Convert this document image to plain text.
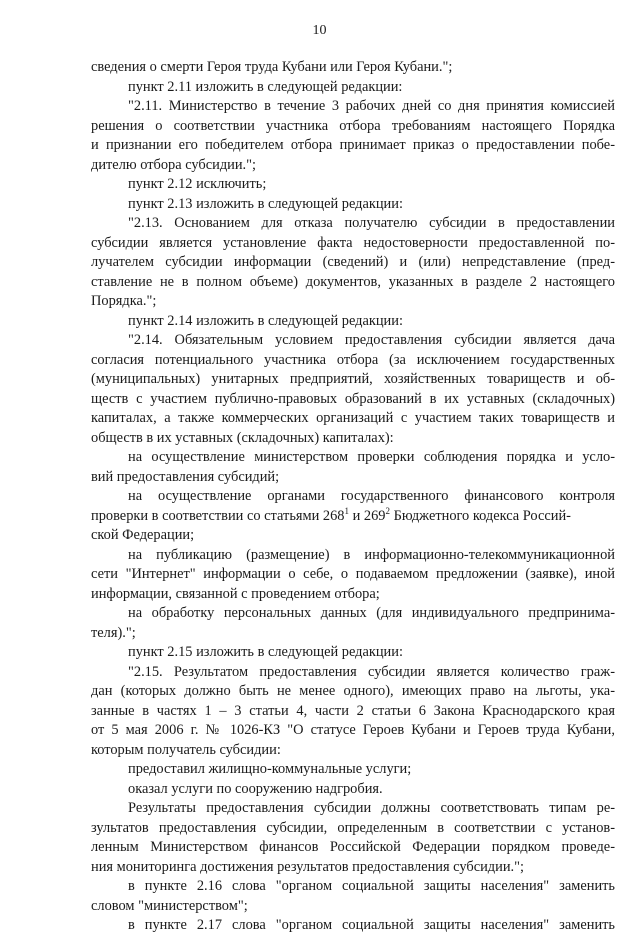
10
сведения о смерти Героя труда Кубани или Героя Кубани.";
пункт 2.11 изложить в следующей редакции:
"2.11. Министерство в течение 3 рабочих дней со дня принятия комиссией
решения о соответствии участника отбора требованиям настоящего Порядка
и признании его победителем отбора принимает приказ о предоставлении побе-
дителю отбора субсидии.";
пункт 2.12 исключить;
пункт 2.13 изложить в следующей редакции:
"2.13. Основанием для отказа получателю субсидии в предоставлении
субсидии является установление факта недостоверности предоставленной по-
лучателем субсидии информации (сведений) и (или) непредставление (пред-
ставление не в полном объеме) документов, указанных в разделе 2 настоящего
Порядка.";
пункт 2.14 изложить в следующей редакции:
"2.14. Обязательным условием предоставления субсидии является дача
согласия потенциального участника отбора (за исключением государственных
(муниципальных) унитарных предприятий, хозяйственных товариществ и об-
ществ с участием публично-правовых образований в их уставных (складочных)
капиталах, а также коммерческих организаций с участием таких товариществ и
обществ в их уставных (складочных) капиталах):
на осуществление министерством проверки соблюдения порядка и усло-
вий предоставления субсидий;
на осуществление органами государственного финансового контроля
проверки в соответствии со статьями $268^1$ и $269^2$ Бюджетного кодекса Россий-
ской Федерации;
на публикацию (размещение) в информационно-телекоммуникационной
сети "Интернет" информации о себе, о подаваемом предложении (заявке), иной
информации, связанной с проведением отбора;
на обработку персональных данных (для индивидуального предпринима-
теля).";
пункт 2.15 изложить в следующей редакции:
"2.15. Результатом предоставления субсидии является количество граж-
дан (которых должно быть не менее одного), имеющих право на льготы, ука-
занные в частях 1 – 3 статьи 4, части 2 статьи 6 Закона Краснодарского края
от 5 мая 2006 г. № 1026-КЗ "О статусе Героев Кубани и Героев труда Кубани,
которым получатель субсидии:
предоставил жилищно-коммунальные услуги;
оказал услуги по сооружению надгробия.
Результаты предоставления субсидии должны соответствовать типам ре-
зультатов предоставления субсидии, определенным в соответствии с установ-
ленным Министерством финансов Российской Федерации порядком проведе-
ния мониторинга достижения результатов предоставления субсидии.";
в пункте 2.16 слова "органом социальной защиты населения" заменить
словом "министерством";
в пункте 2.17 слова "органом социальной защиты населения" заменить
